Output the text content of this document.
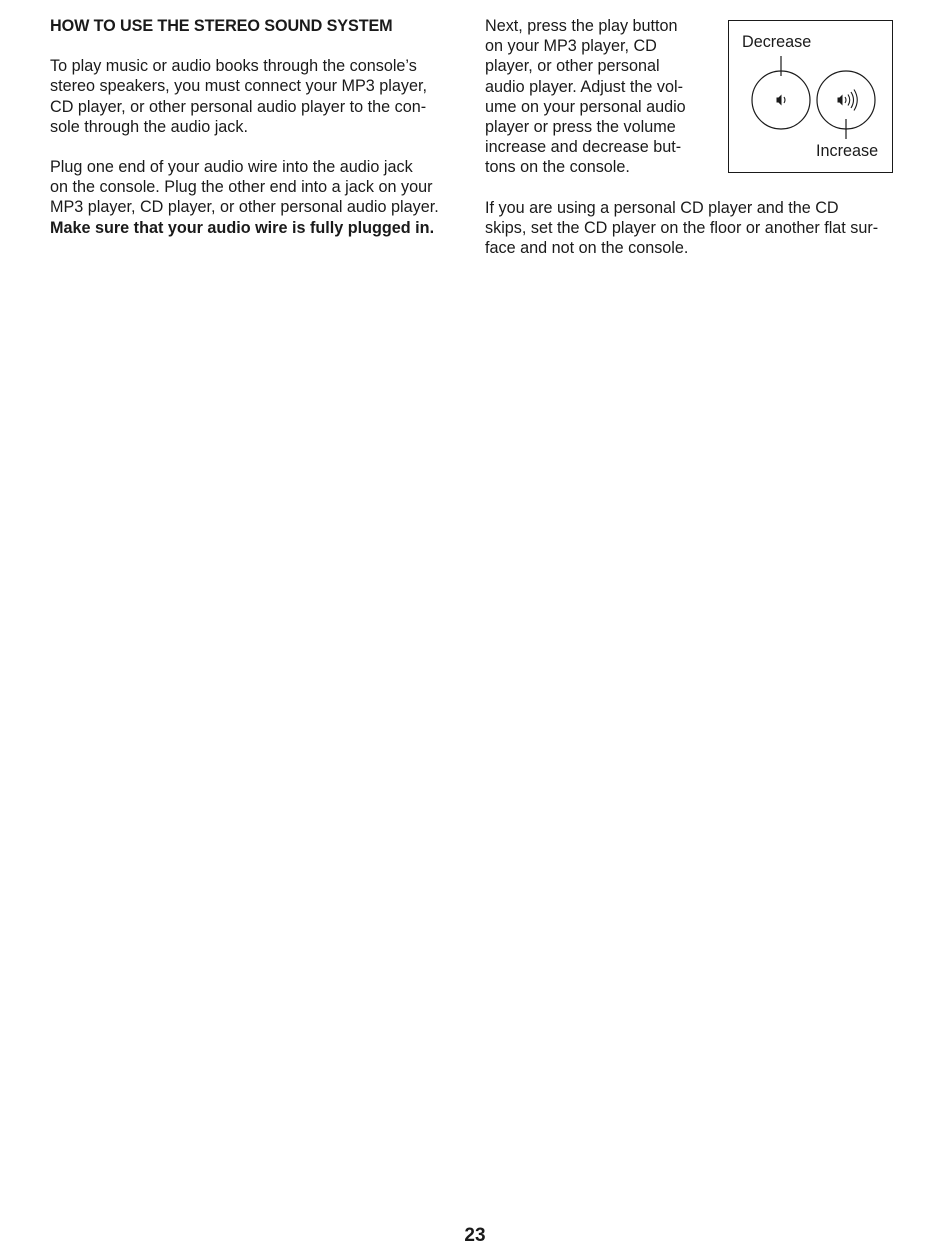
HOW TO USE THE STEREO SOUND SYSTEM
To play music or audio books through the console’s
stereo speakers, you must connect your MP3 player,
CD player, or other personal audio player to the con-
sole through the audio jack.
Plug one end of your audio wire into the audio jack
on the console. Plug the other end into a jack on your
MP3 player, CD player, or other personal audio player.
Make sure that your audio wire is fully plugged in.
Next, press the play button
on your MP3 player, CD
player, or other personal
audio player. Adjust the vol-
ume on your personal audio
player or press the volume
increase and decrease but-
tons on the console.
If you are using a personal CD player and the CD
skips, set the CD player on the floor or another flat sur-
face and not on the console.
Decrease
Increase
23
